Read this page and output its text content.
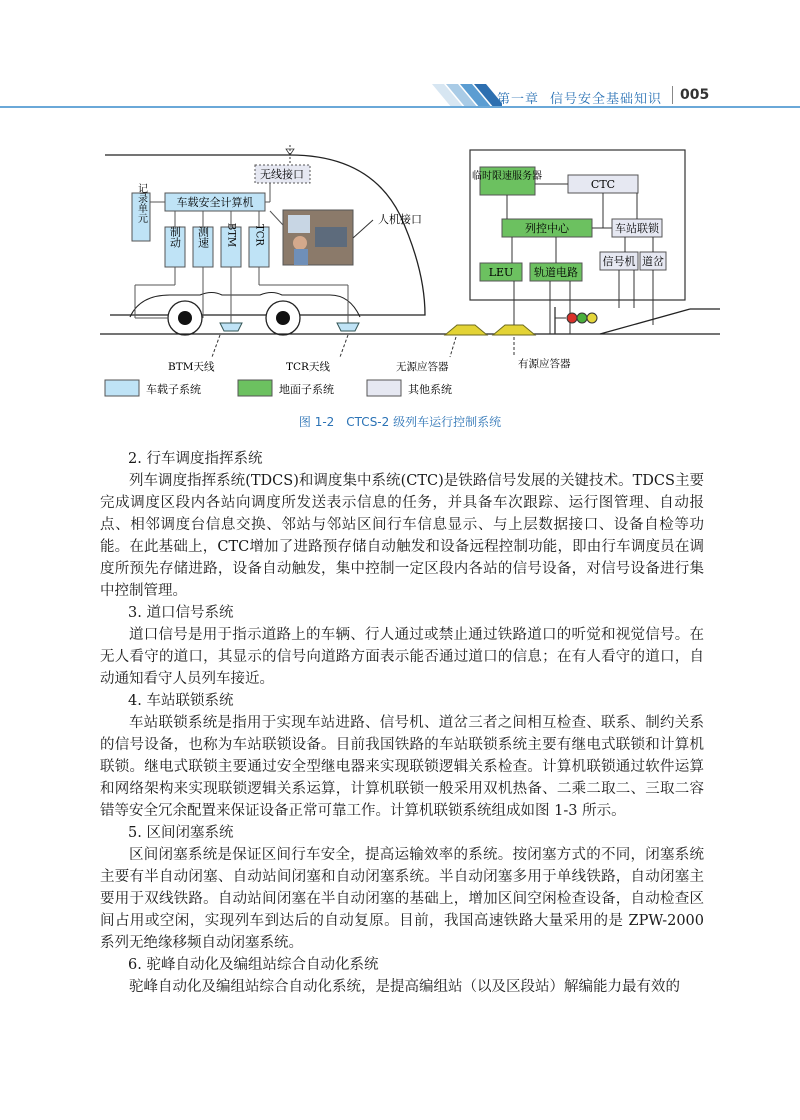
第一章 信号安全基础知识 005
无线接口
车载安全计算机
记录单元
制动 测速 BTM TCR
人机接口
BTM天线	TCR天线	无源应答器	有源应答器
临时限速服务器
CTC
列控中心	车站联锁
信号机 道岔
LEU 轨道电路
车载子系统	地面子系统	其他系统
图 1-2　CTCS-2 级列车运行控制系统

2. 行车调度指挥系统

列车调度指挥系统(TDCS)和调度集中系统(CTC)是铁路信号发展的关键技术。TDCS主要完成调度区段内各站向调度所发送表示信息的任务，并具备车次跟踪、运行图管理、自动报点、相邻调度台信息交换、邻站与邻站区间行车信息显示、与上层数据接口、设备自检等功能。在此基础上，CTC增加了进路预存储自动触发和设备远程控制功能，即由行车调度员在调度所预先存储进路，设备自动触发，集中控制一定区段内各站的信号设备，对信号设备进行集中控制管理。

3. 道口信号系统

道口信号是用于指示道路上的车辆、行人通过或禁止通过铁路道口的听觉和视觉信号。在无人看守的道口，其显示的信号向道路方面表示能否通过道口的信息；在有人看守的道口，自动通知看守人员列车接近。

4. 车站联锁系统

车站联锁系统是指用于实现车站进路、信号机、道岔三者之间相互检查、联系、制约关系的信号设备，也称为车站联锁设备。目前我国铁路的车站联锁系统主要有继电式联锁和计算机联锁。继电式联锁主要通过安全型继电器来实现联锁逻辑关系检查。计算机联锁通过软件运算和网络架构来实现联锁逻辑关系运算，计算机联锁一般采用双机热备、二乘二取二、三取二容错等安全冗余配置来保证设备正常可靠工作。计算机联锁系统组成如图 1-3 所示。

5. 区间闭塞系统

区间闭塞系统是保证区间行车安全，提高运输效率的系统。按闭塞方式的不同，闭塞系统主要有半自动闭塞、自动站间闭塞和自动闭塞系统。半自动闭塞多用于单线铁路，自动闭塞主要用于双线铁路。自动站间闭塞在半自动闭塞的基础上，增加区间空闲检查设备，自动检查区间占用或空闲，实现列车到达后的自动复原。目前，我国高速铁路大量采用的是 ZPW-2000 系列无绝缘移频自动闭塞系统。

6. 驼峰自动化及编组站综合自动化系统

驼峰自动化及编组站综合自动化系统，是提高编组站（以及区段站）解编能力最有效的
